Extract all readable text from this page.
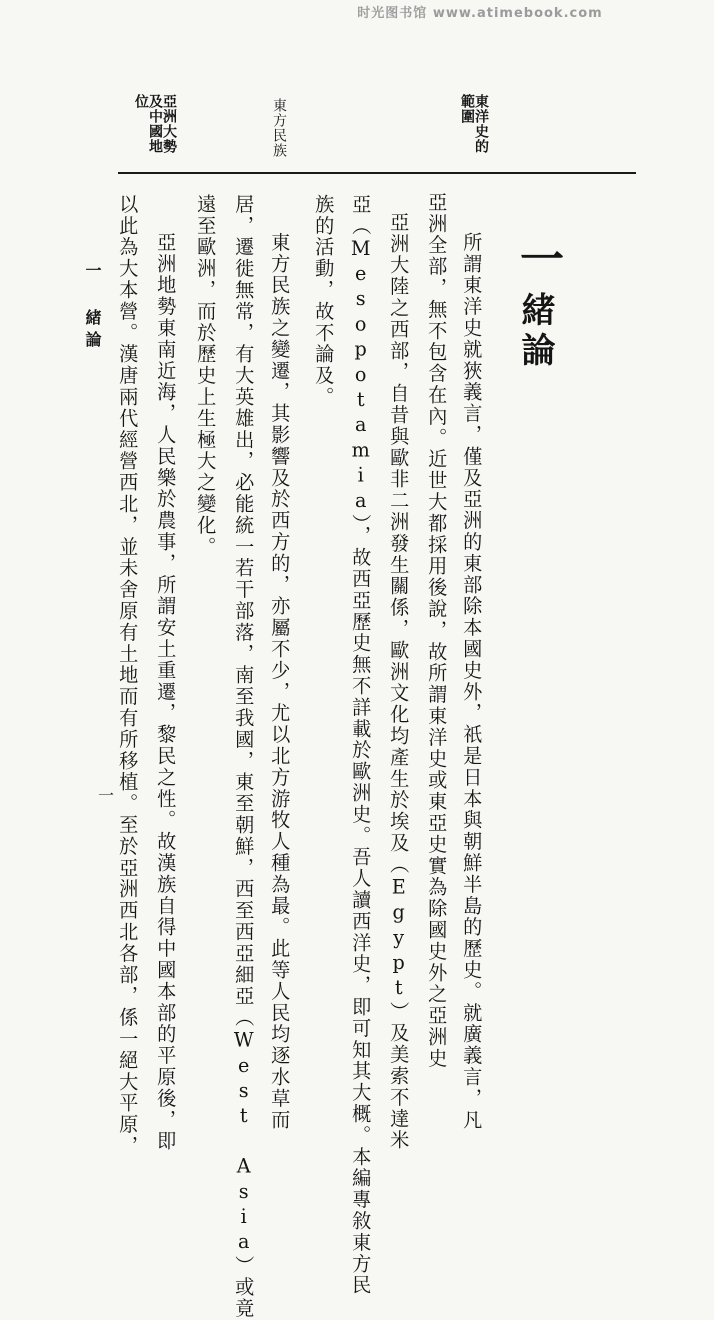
时光图书馆 www.atimebook.com
一
緒論
東洋史的範圍
東方民族
亞洲大勢及中國地位
所謂東洋史就狹義言，僅及亞洲的東部除本國史外，祇是日本與朝鮮半島的歷史。就廣義言，凡
亞洲全部，無不包含在內。近世大都採用後說，故所謂東洋史或東亞史實為除國史外之亞洲史
亞洲大陸之西部，自昔與歐非二洲發生關係，歐洲文化均產生於埃及（Egypt）及美索不達米
亞（Mesopotamia），故西亞歷史無不詳載於歐洲史。吾人讀西洋史，即可知其大概。本編專敘東方民
族的活動，故不論及。
東方民族之變遷，其影響及於西方的，亦屬不少，尤以北方游牧人種為最。此等人民均逐水草而
居，遷徙無常，有大英雄出，必能統一若干部落，南至我國，東至朝鮮，西至西亞細亞（West Asia）或竟
遠至歐洲，而於歷史上生極大之變化。
亞洲地勢東南近海，人民樂於農事，所謂安土重遷，黎民之性。故漢族自得中國本部的平原後，即
以此為大本營。漢唐兩代經營西北，並未舍原有土地而有所移植。至於亞洲西北各部，係一絕大平原，
一 緒論
一
